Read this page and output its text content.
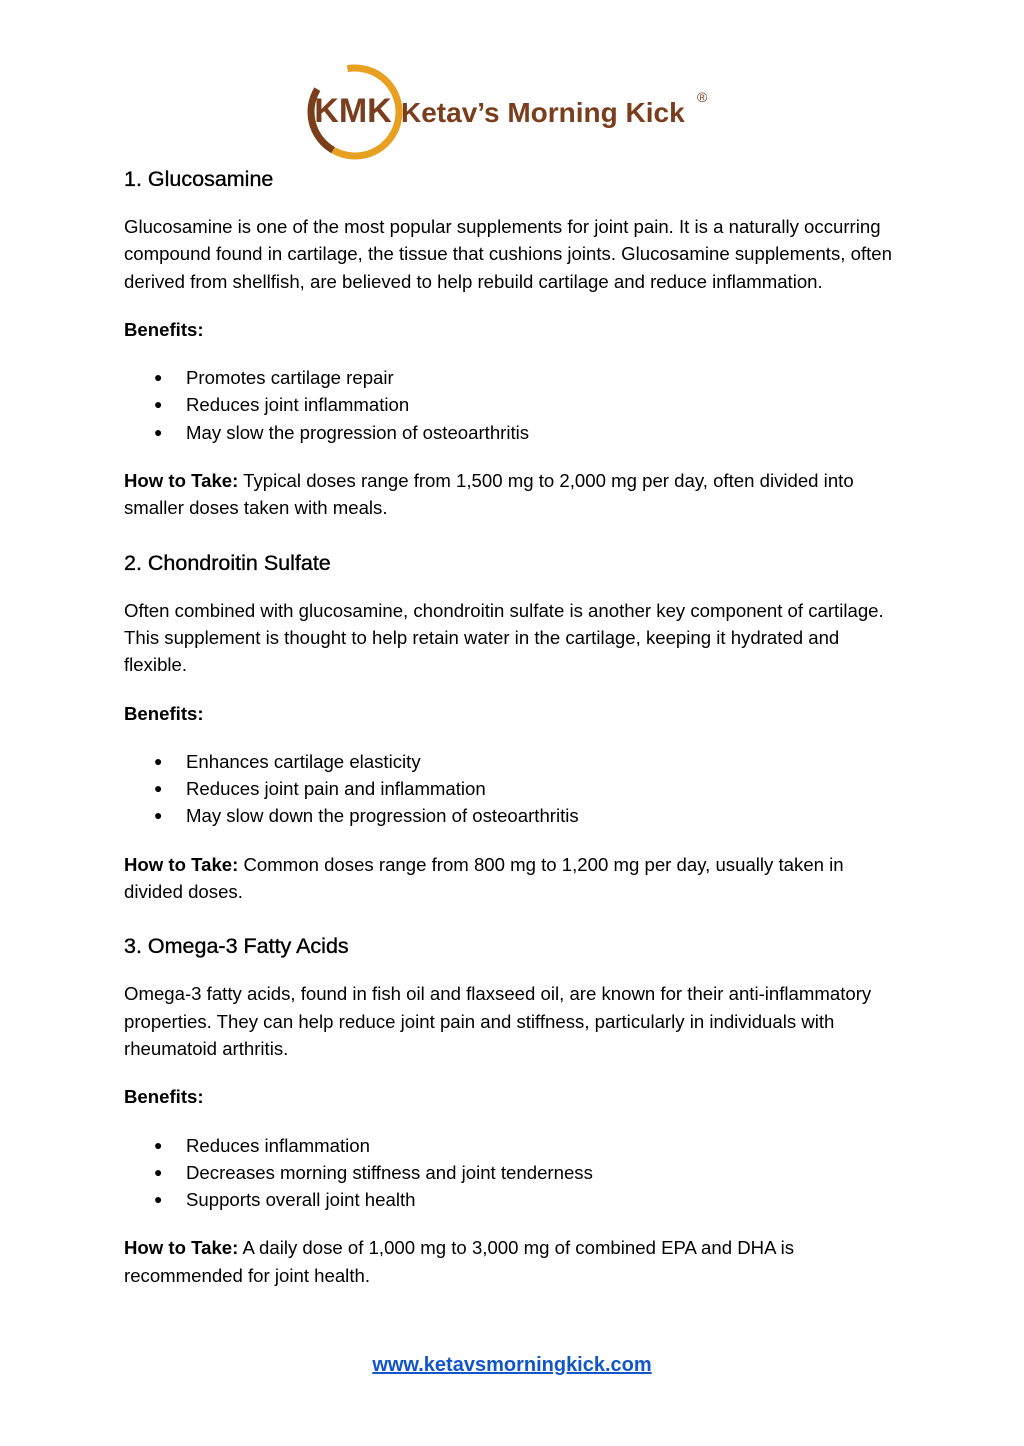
KMK Ketav’s Morning Kick ®
1. Glucosamine

Glucosamine is one of the most popular supplements for joint pain. It is a naturally occurring compound found in cartilage, the tissue that cushions joints. Glucosamine supplements, often derived from shellfish, are believed to help rebuild cartilage and reduce inflammation.

Benefits:

● Promotes cartilage repair
● Reduces joint inflammation
● May slow the progression of osteoarthritis

How to Take: Typical doses range from 1,500 mg to 2,000 mg per day, often divided into smaller doses taken with meals.

2. Chondroitin Sulfate

Often combined with glucosamine, chondroitin sulfate is another key component of cartilage. This supplement is thought to help retain water in the cartilage, keeping it hydrated and flexible.

Benefits:

● Enhances cartilage elasticity
● Reduces joint pain and inflammation
● May slow down the progression of osteoarthritis

How to Take: Common doses range from 800 mg to 1,200 mg per day, usually taken in divided doses.

3. Omega-3 Fatty Acids

Omega-3 fatty acids, found in fish oil and flaxseed oil, are known for their anti-inflammatory properties. They can help reduce joint pain and stiffness, particularly in individuals with rheumatoid arthritis.

Benefits:

● Reduces inflammation
● Decreases morning stiffness and joint tenderness
● Supports overall joint health

How to Take: A daily dose of 1,000 mg to 3,000 mg of combined EPA and DHA is recommended for joint health.

www.ketavsmorningkick.com
